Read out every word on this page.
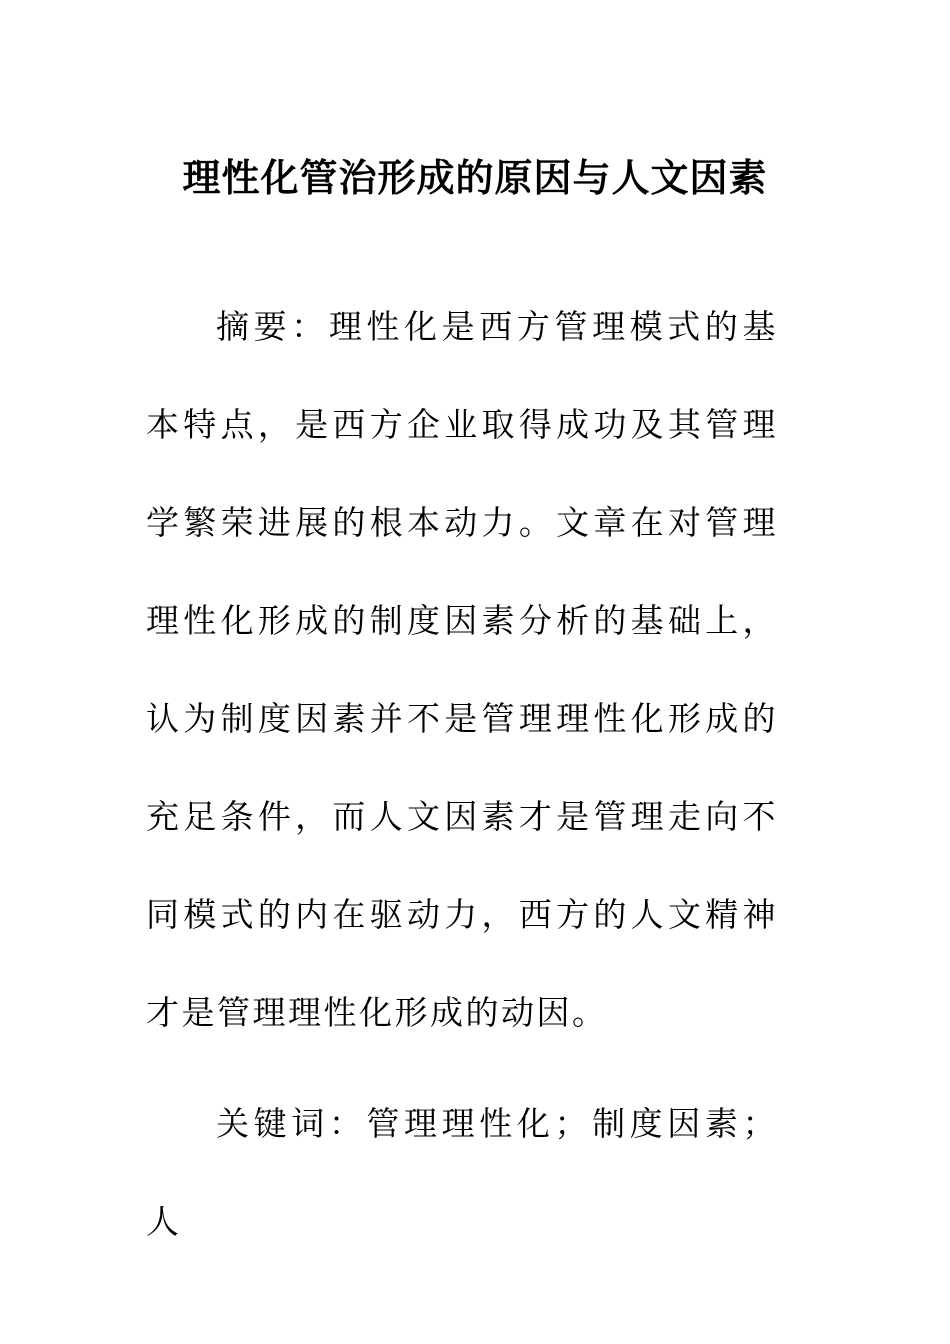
理性化管治形成的原因与人文因素

摘要：理性化是西方管理模式的基本特点，是西方企业取得成功及其管理学繁荣进展的根本动力。文章在对管理理性化形成的制度因素分析的基础上，认为制度因素并不是管理理性化形成的充足条件，而人文因素才是管理走向不同模式的内在驱动力，西方的人文精神才是管理理性化形成的动因。

关键词：管理理性化；制度因素；人
